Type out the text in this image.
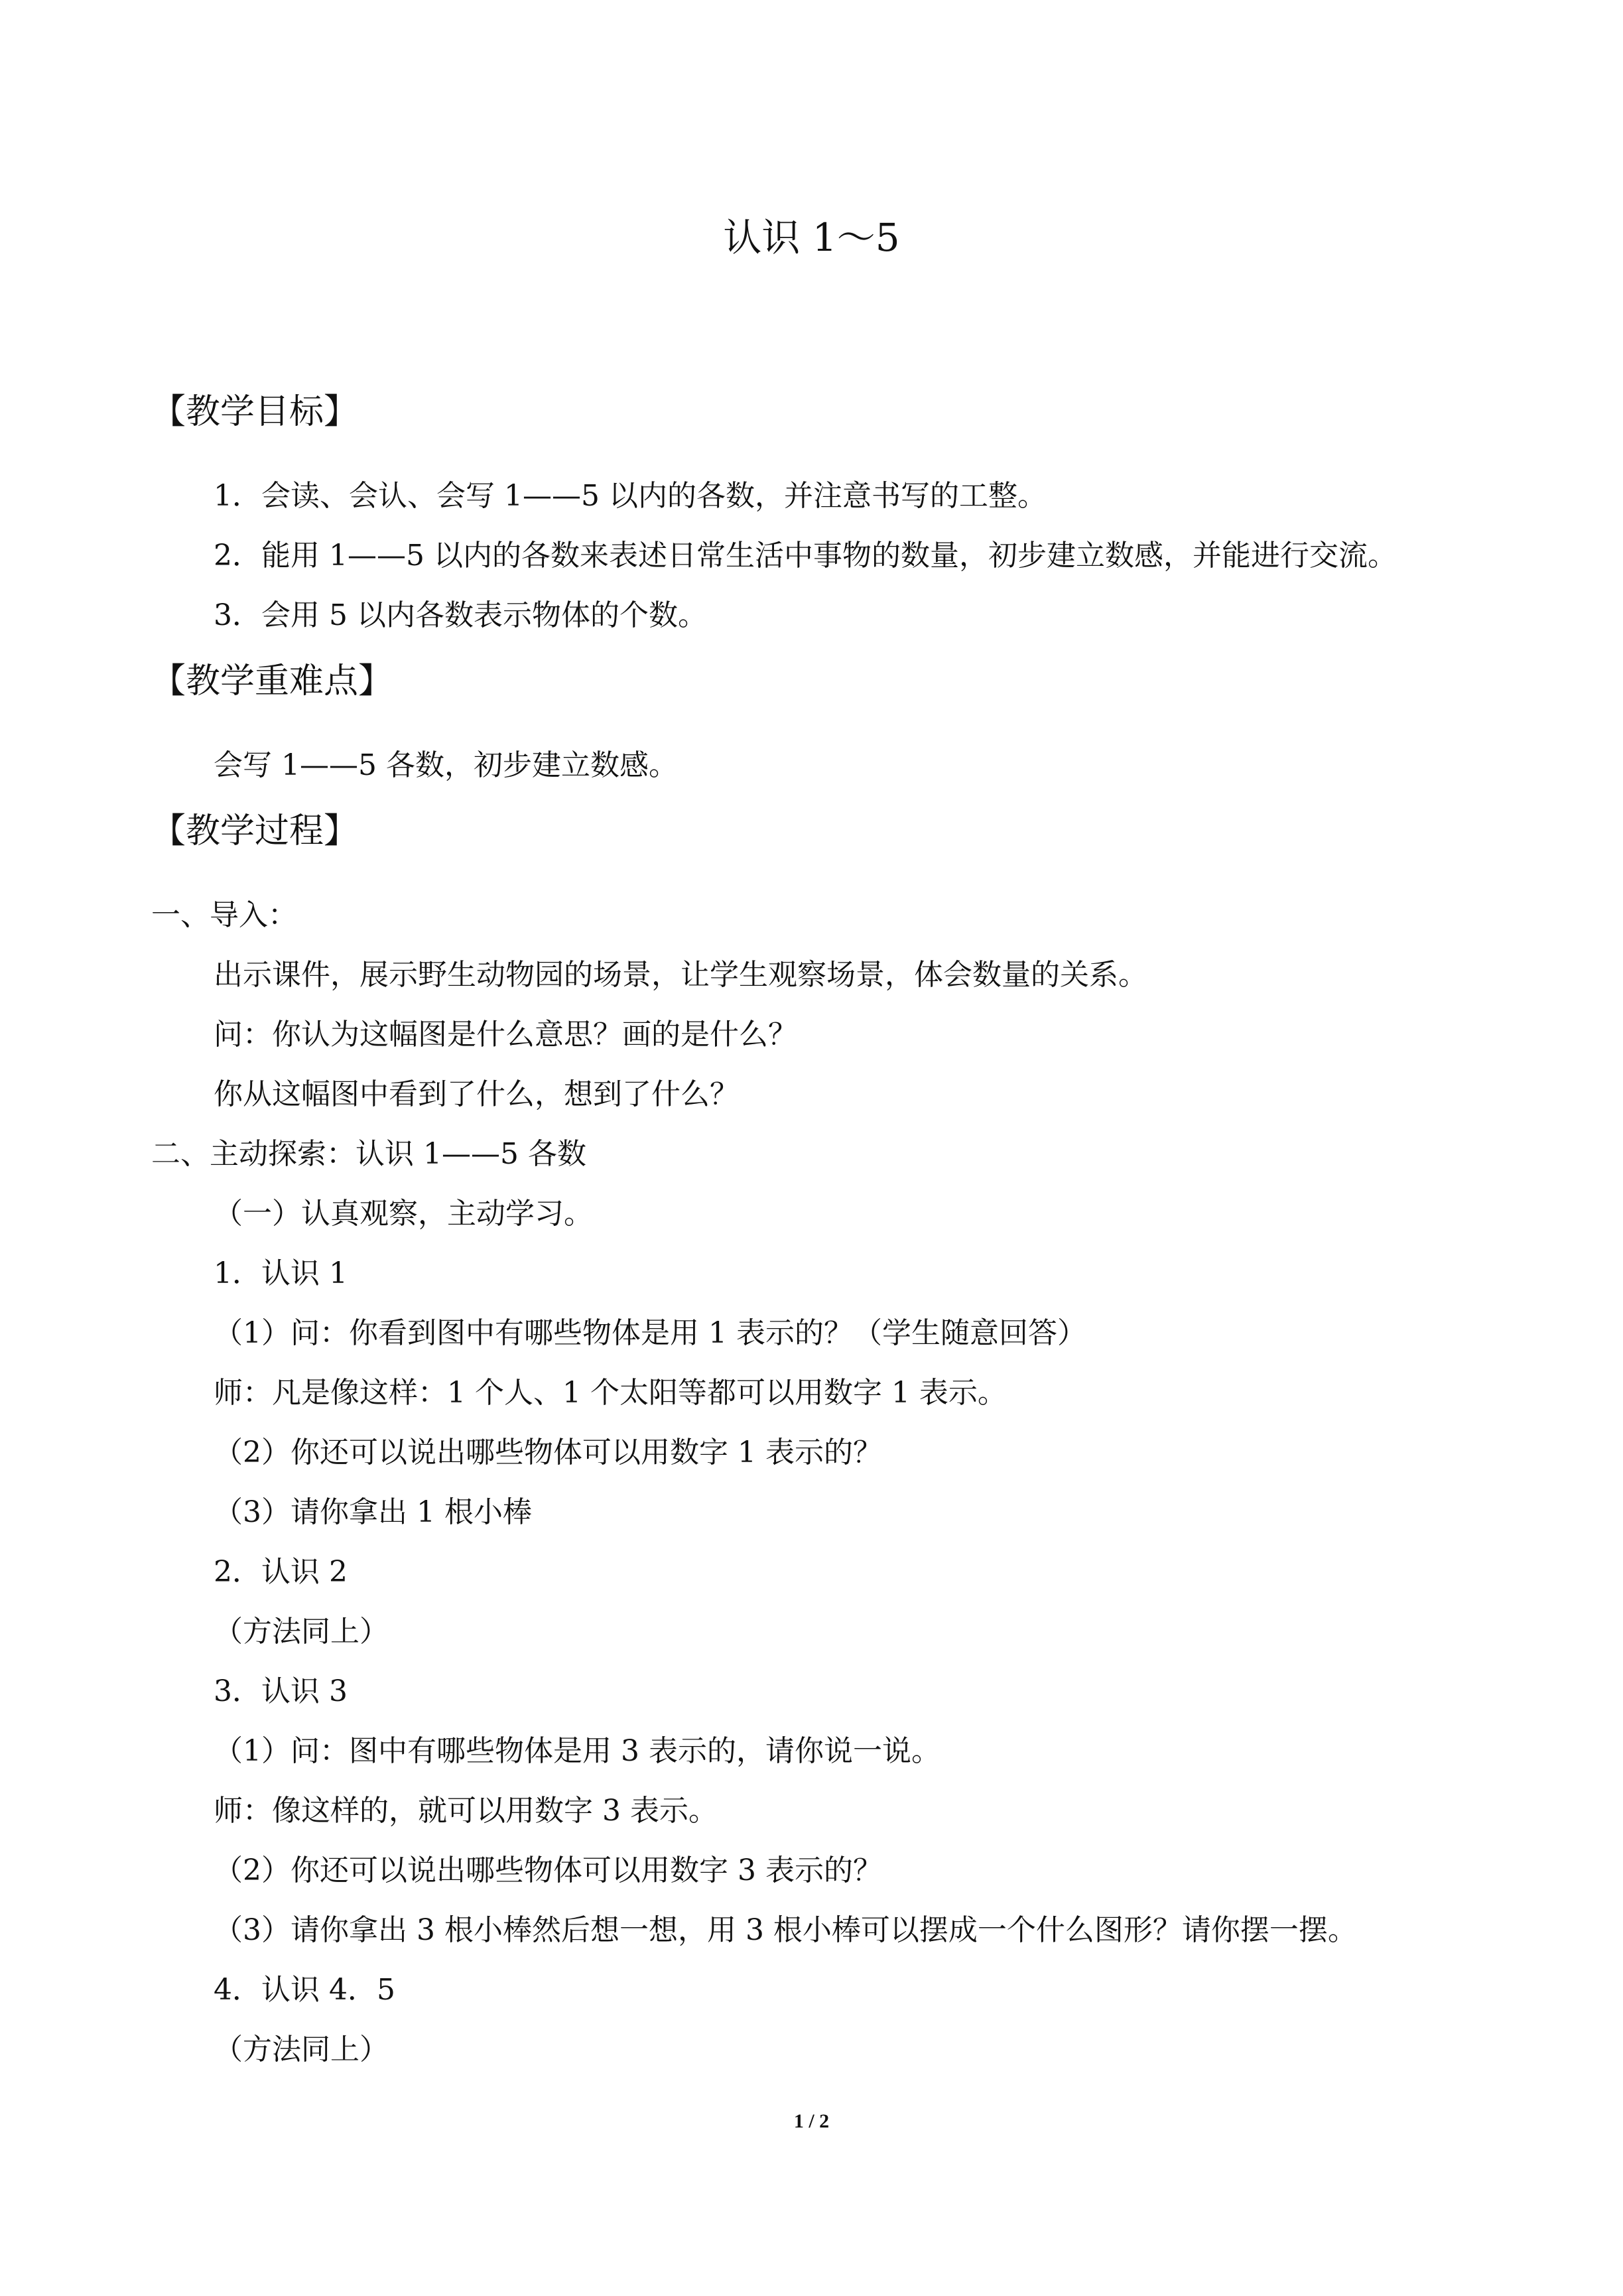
认识 1～5
【教学目标】
1．会读、会认、会写 1——5 以内的各数，并注意书写的工整。
2．能用 1——5 以内的各数来表述日常生活中事物的数量，初步建立数感，并能进行交流。
3．会用 5 以内各数表示物体的个数。
【教学重难点】
会写 1——5 各数，初步建立数感。
【教学过程】
一、导入：
出示课件，展示野生动物园的场景，让学生观察场景，体会数量的关系。
问：你认为这幅图是什么意思？画的是什么？
你从这幅图中看到了什么，想到了什么？
二、主动探索：认识 1——5 各数
（一）认真观察，主动学习。
1．认识 1
（1）问：你看到图中有哪些物体是用 1 表示的？（学生随意回答）
师：凡是像这样：1 个人、1 个太阳等都可以用数字 1 表示。
（2）你还可以说出哪些物体可以用数字 1 表示的？
（3）请你拿出 1 根小棒
2．认识 2
（方法同上）
3．认识 3
（1）问：图中有哪些物体是用 3 表示的，请你说一说。
师：像这样的，就可以用数字 3 表示。
（2）你还可以说出哪些物体可以用数字 3 表示的？
（3）请你拿出 3 根小棒然后想一想，用 3 根小棒可以摆成一个什么图形？请你摆一摆。
4．认识 4．5
（方法同上）
1 / 2
